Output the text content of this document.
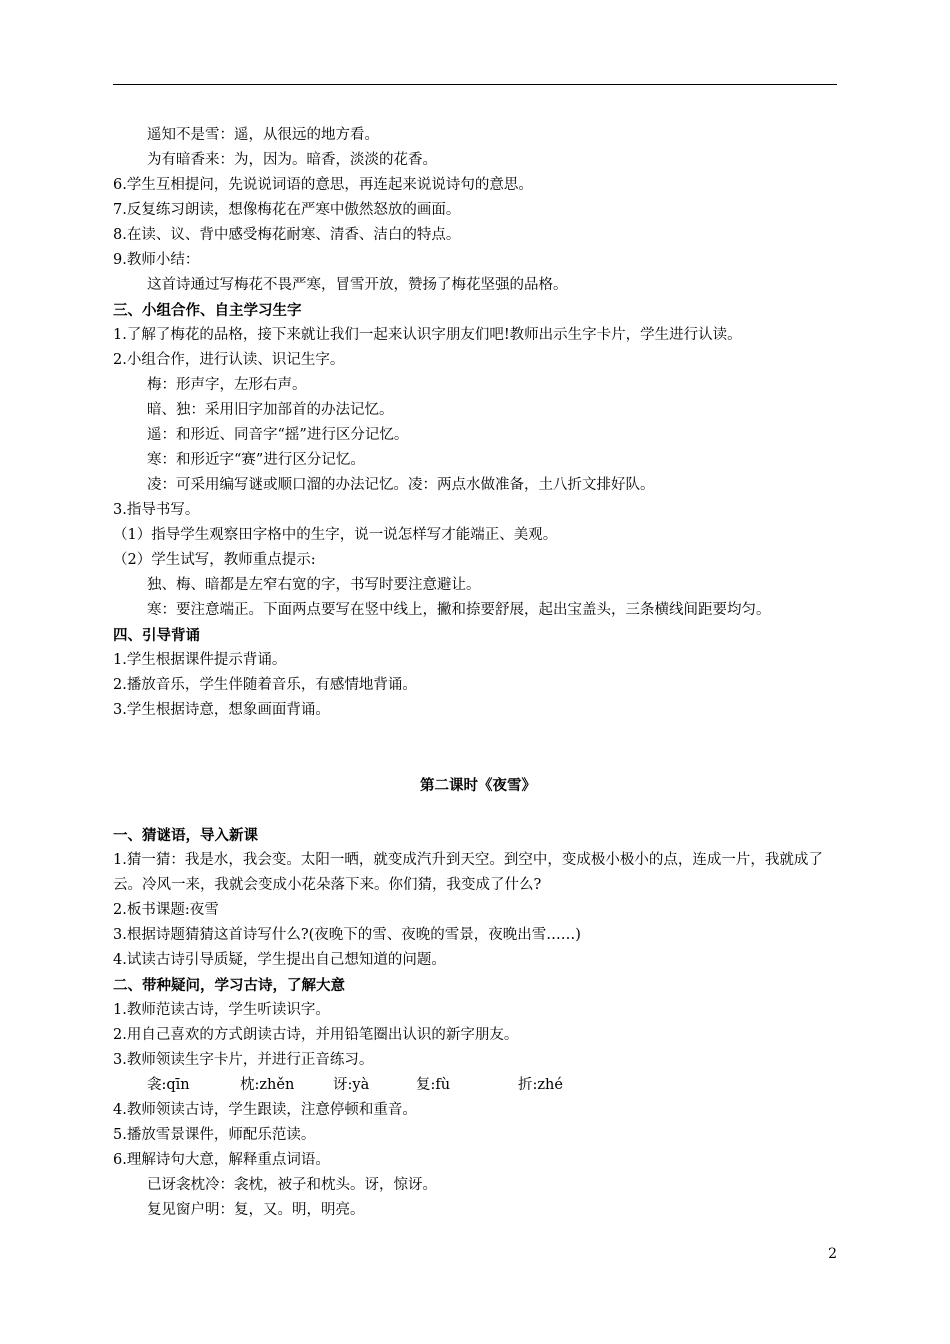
遥知不是雪：遥，从很远的地方看。
为有暗香来：为，因为。暗香，淡淡的花香。
6.学生互相提问，先说说词语的意思，再连起来说说诗句的意思。
7.反复练习朗读，想像梅花在严寒中傲然怒放的画面。
8.在读、议、背中感受梅花耐寒、清香、洁白的特点。
9.教师小结：
这首诗通过写梅花不畏严寒，冒雪开放，赞扬了梅花坚强的品格。
三、小组合作、自主学习生字
1.了解了梅花的品格，接下来就让我们一起来认识字朋友们吧!教师出示生字卡片，学生进行认读。
2.小组合作，进行认读、识记生字。
梅：形声字，左形右声。
暗、独：采用旧字加部首的办法记忆。
遥：和形近、同音字“摇”进行区分记忆。
寒：和形近字“赛”进行区分记忆。
凌：可采用编写谜或顺口溜的办法记忆。凌：两点水做准备，土八折文排好队。
3.指导书写。
（1）指导学生观察田字格中的生字，说一说怎样写才能端正、美观。
（2）学生试写，教师重点提示:
独、梅、暗都是左窄右宽的字，书写时要注意避让。
寒：要注意端正。下面两点要写在竖中线上，撇和捺要舒展，起出宝盖头，三条横线间距要均匀。
四、引导背诵
1.学生根据课件提示背诵。
2.播放音乐，学生伴随着音乐，有感情地背诵。
3.学生根据诗意，想象画面背诵。
第二课时《夜雪》
一、猜谜语，导入新课
1.猜一猜：我是水，我会变。太阳一晒，就变成汽升到天空。到空中，变成极小极小的点，连成一片，我就成了云。冷风一来，我就会变成小花朵落下来。你们猜，我变成了什么?
2.板书课题:夜雪
3.根据诗题猜猜这首诗写什么?(夜晚下的雪、夜晚的雪景，夜晚出雪……)
4.试读古诗引导质疑，学生提出自己想知道的问题。
二、带种疑问，学习古诗，了解大意
1.教师范读古诗，学生听读识字。
2.用自己喜欢的方式朗读古诗，并用铅笔圈出认识的新字朋友。
3.教师领读生字卡片，并进行正音练习。
衾:qīn	枕:zhěn	讶:yà	复:fù	折:zhé
4.教师领读古诗，学生跟读，注意停顿和重音。
5.播放雪景课件，师配乐范读。
6.理解诗句大意，解释重点词语。
已讶衾枕冷：衾枕，被子和枕头。讶，惊讶。
复见窗户明：复，又。明，明亮。
2
